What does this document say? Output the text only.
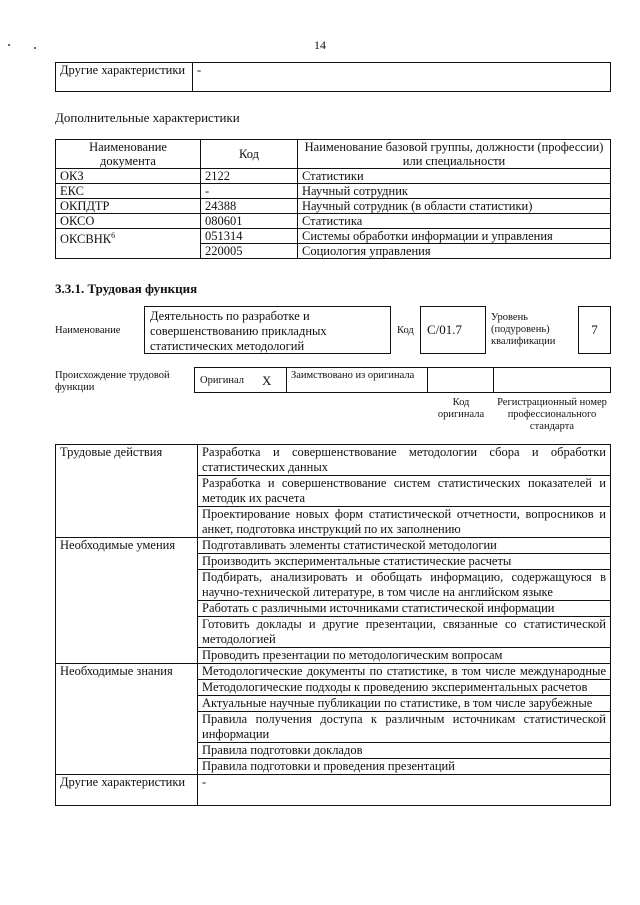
14
Другие характеристики	-
Дополнительные характеристики
Наименование документа	Код	Наименование базовой группы, должности (профессии) или специальности
ОКЗ	2122	Статистики
ЕКС	-	Научный сотрудник
ОКПДТР	24388	Научный сотрудник (в области статистики)
ОКСО	080601	Статистика
ОКСВНК$^6$	051314	Системы обработки информации и управления
	220005	Социология управления
3.3.1. Трудовая функция
Наименование
Деятельность по разработке и совершенствованию прикладных статистических методологий
Код	C/01.7
Уровень (подуровень) квалификации
7
Происхождение трудовой функции
Оригинал X	Заимствовано из оригинала
Код оригинала
Регистрационный номер профессионального стандарта
Трудовые действия	Разработка и совершенствование методологии сбора и обработки статистических данных
	Разработка и совершенствование систем статистических показателей и методик их расчета
	Проектирование новых форм статистической отчетности, вопросников и анкет, подготовка инструкций по их заполнению
Необходимые умения	Подготавливать элементы статистической методологии
	Производить экспериментальные статистические расчеты
	Подбирать, анализировать и обобщать информацию, содержащуюся в научно-технической литературе, в том числе на английском языке
	Работать с различными источниками статистической информации
	Готовить доклады и другие презентации, связанные со статистической методологией
	Проводить презентации по методологическим вопросам
Необходимые знания	Методологические документы по статистике, в том числе международные
	Методологические подходы к проведению экспериментальных расчетов
	Актуальные научные публикации по статистике, в том числе зарубежные
	Правила получения доступа к различным источникам статистической информации
	Правила подготовки докладов
	Правила подготовки и проведения презентаций
Другие характеристики	-
